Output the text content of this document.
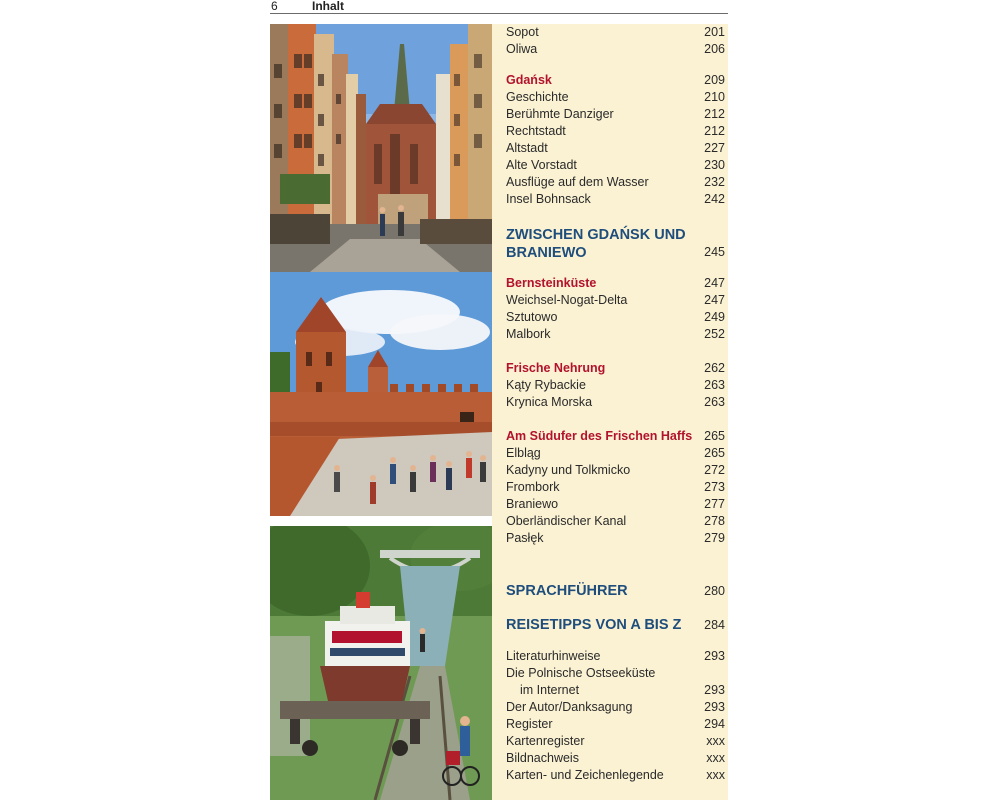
6	Inhalt
Sopot	201
Oliwa	206
Gdańsk	209
Geschichte	210
Berühmte Danziger	212
Rechtstadt	212
Altstadt	227
Alte Vorstadt	230
Ausflüge auf dem Wasser	232
Insel Bohnsack	242
ZWISCHEN GDAŃSK UND BRANIEWO	245
Bernsteinküste	247
Weichsel-Nogat-Delta	247
Sztutowo	249
Malbork	252
Frische Nehrung	262
Kąty Rybackie	263
Krynica Morska	263
Am Südufer des Frischen Haffs 265
Elbląg	265
Kadyny und Tolkmicko	272
Frombork	273
Braniewo	277
Oberländischer Kanal	278
Pasłęk	279
SPRACHFÜHRER	280
REISETIPPS VON A BIS Z 284
Literaturhinweise	293
Die Polnische Ostseeküste
im Internet	293
Der Autor/Danksagung	293
Register	294
Kartenregister	xxx
Bildnachweis	xxx
Karten- und Zeichenlegende	xxx
